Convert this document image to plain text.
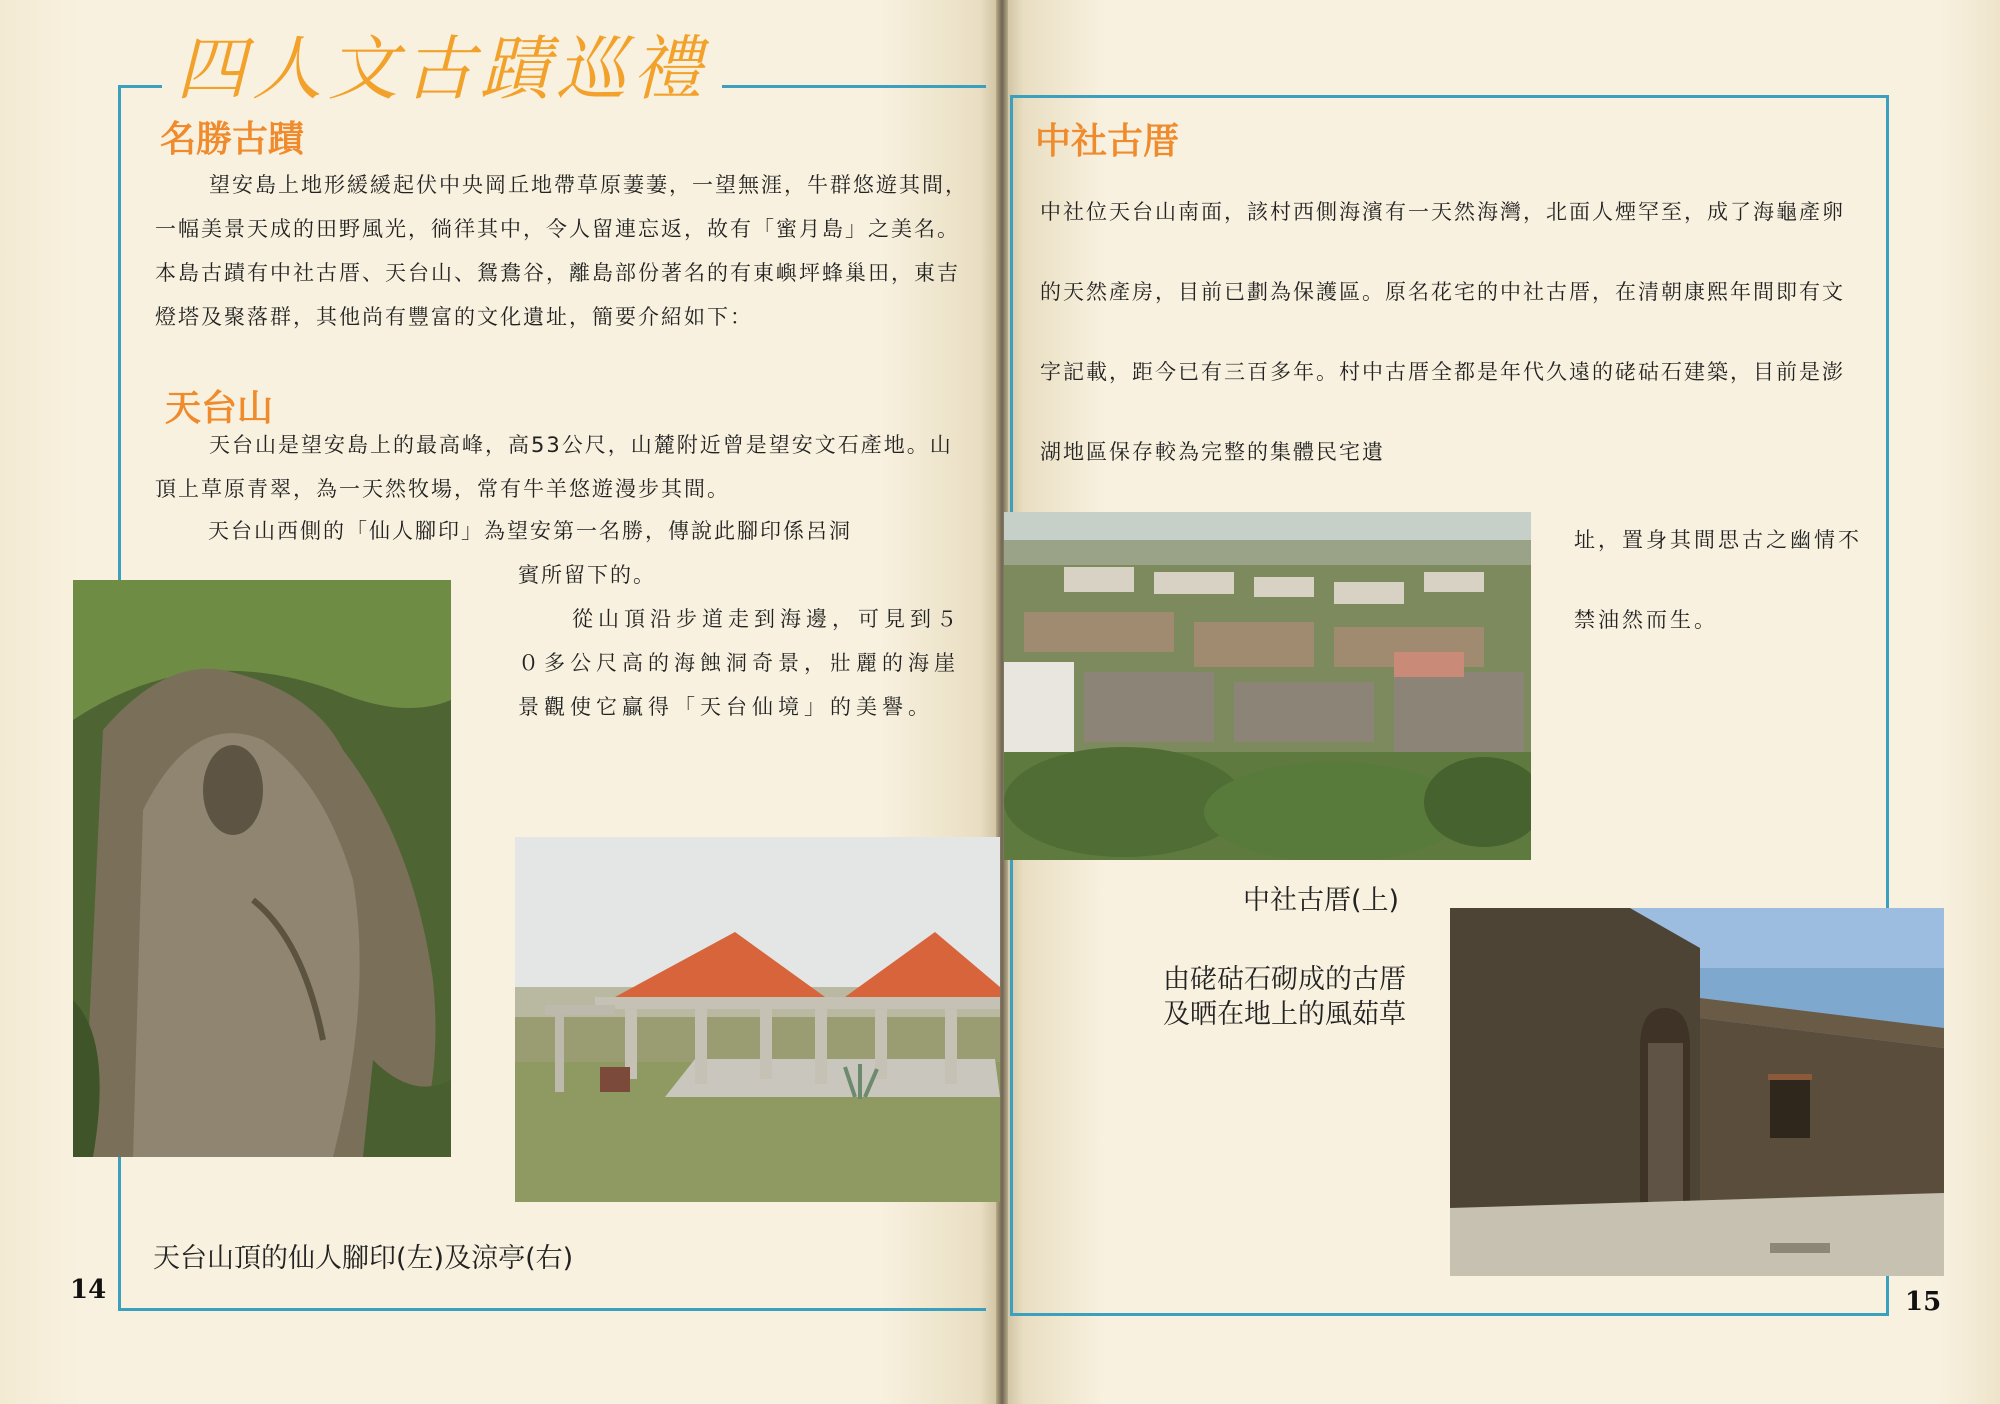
四人文古蹟巡禮
名勝古蹟
望安島上地形緩緩起伏中央岡丘地帶草原萋萋，一望無涯，牛群悠遊其間，一幅美景天成的田野風光，徜徉其中，令人留連忘返，故有「蜜月島」之美名。本島古蹟有中社古厝、天台山、鴛鴦谷，離島部份著名的有東嶼坪蜂巢田，東吉燈塔及聚落群，其他尚有豐富的文化遺址，簡要介紹如下：
天台山
天台山是望安島上的最高峰，高53公尺，山麓附近曾是望安文石產地。山頂上草原青翠，為一天然牧場，常有牛羊悠遊漫步其間。
天台山西側的「仙人腳印」為望安第一名勝，傳說此腳印係呂洞
賓所留下的。
從山頂沿步道走到海邊，可見到５０多公尺高的海蝕洞奇景，壯麗的海崖景觀使它贏得「天台仙境」的美譽。
天台山頂的仙人腳印(左)及涼亭(右)
14
中社古厝
中社位天台山南面，該村西側海濱有一天然海灣，北面人煙罕至，成了海龜產卵的天然產房，目前已劃為保護區。原名花宅的中社古厝，在清朝康熙年間即有文字記載，距今已有三百多年。村中古厝全都是年代久遠的硓𥑮石建築，目前是澎湖地區保存較為完整的集體民宅遺
址，置身其間思古之幽情不禁油然而生。
中社古厝(上)
由硓𥑮石砌成的古厝
及晒在地上的風茹草
15
